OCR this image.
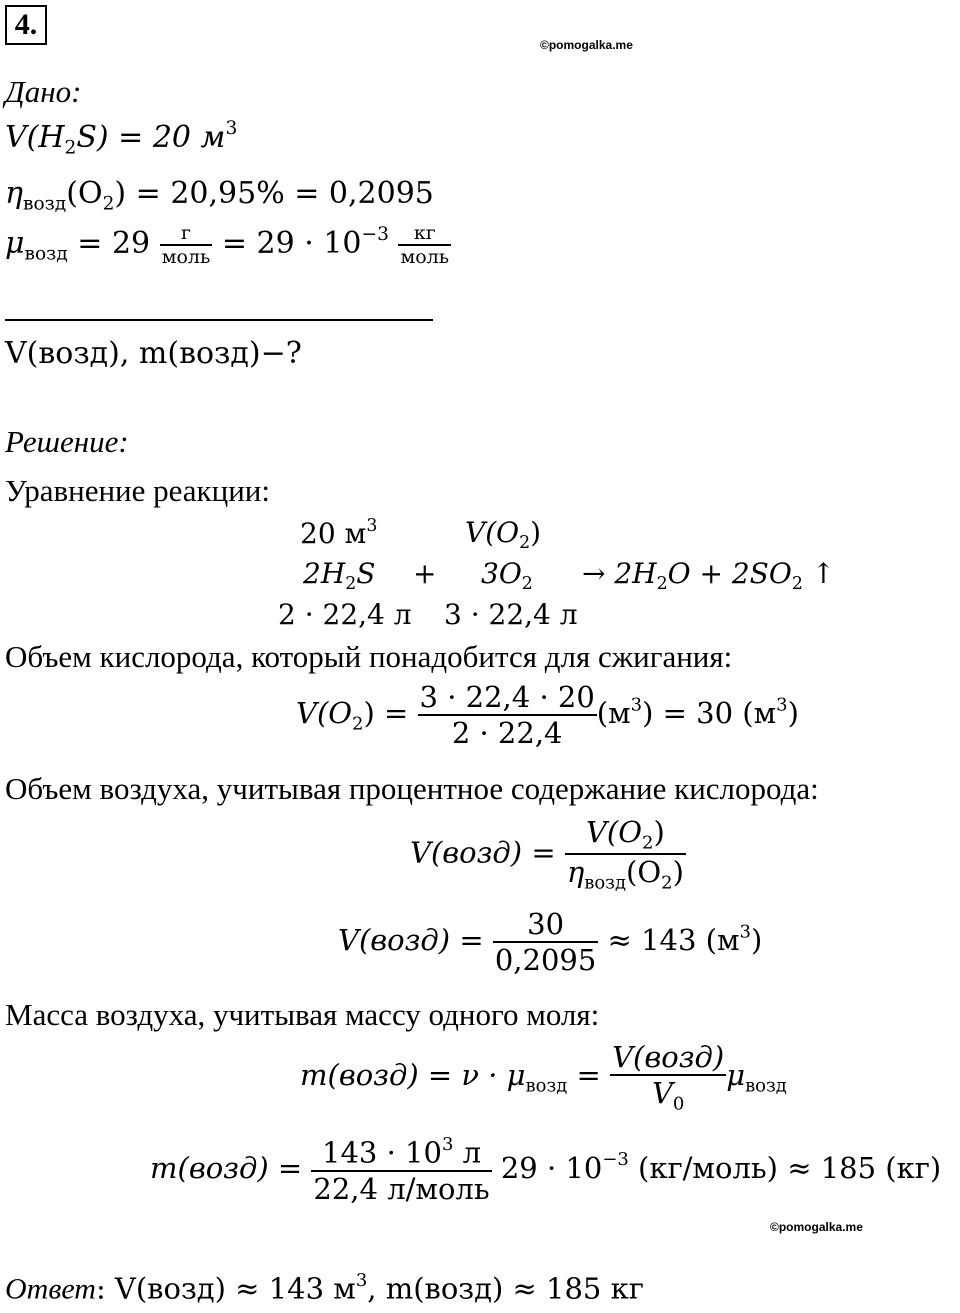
4.
©pomogalka.me
Дано:
$V(H_2S) = 20$ $м^3$
$\eta_{возд}(O_2) = 20,95\% = 0,2095$
$\mu_{возд} = 29 \frac{г}{\text{моль}} = 29 \cdot 10^{-3} \frac{кг}{\text{моль}}$
V(возд), m(возд)−?
Решение:
Уравнение реакции:
20 $м^3$	$V(O_2)$
$2H_2S + 3O_2 \to 2H_2O + 2SO_2$ ↑
2 · 22,4 л 3 · 22,4 л
Объем кислорода, который понадобится для сжигания:
$V(O_2) = \frac{3 \cdot 22,4 \cdot 20}{2 \cdot 22,4} (м^3) = 30$ $(м^3)$
Объем воздуха, учитывая процентное содержание кислорода:
V(возд) = $\frac{V(O_2)}{\eta_{возд}(O_2)}$
V(возд) = $\frac{30}{0,2095} \approx 143$ $(м^3)$
Масса воздуха, учитывая массу одного моля:
m(возд) = $\nu \cdot \mu_{возд} = \frac{\text{V(возд)}}{V_0} \mu_{возд}$
m(возд) = $\frac{143 \cdot 10^3 л}{\text{22,4 л/моль}} 29 \cdot 10^{-3}$ (кг/моль) ≈ 185 (кг)
©pomogalka.me
Ответ: V(возд) ≈ 143 $м^3$, m(возд) ≈ 185 кг
